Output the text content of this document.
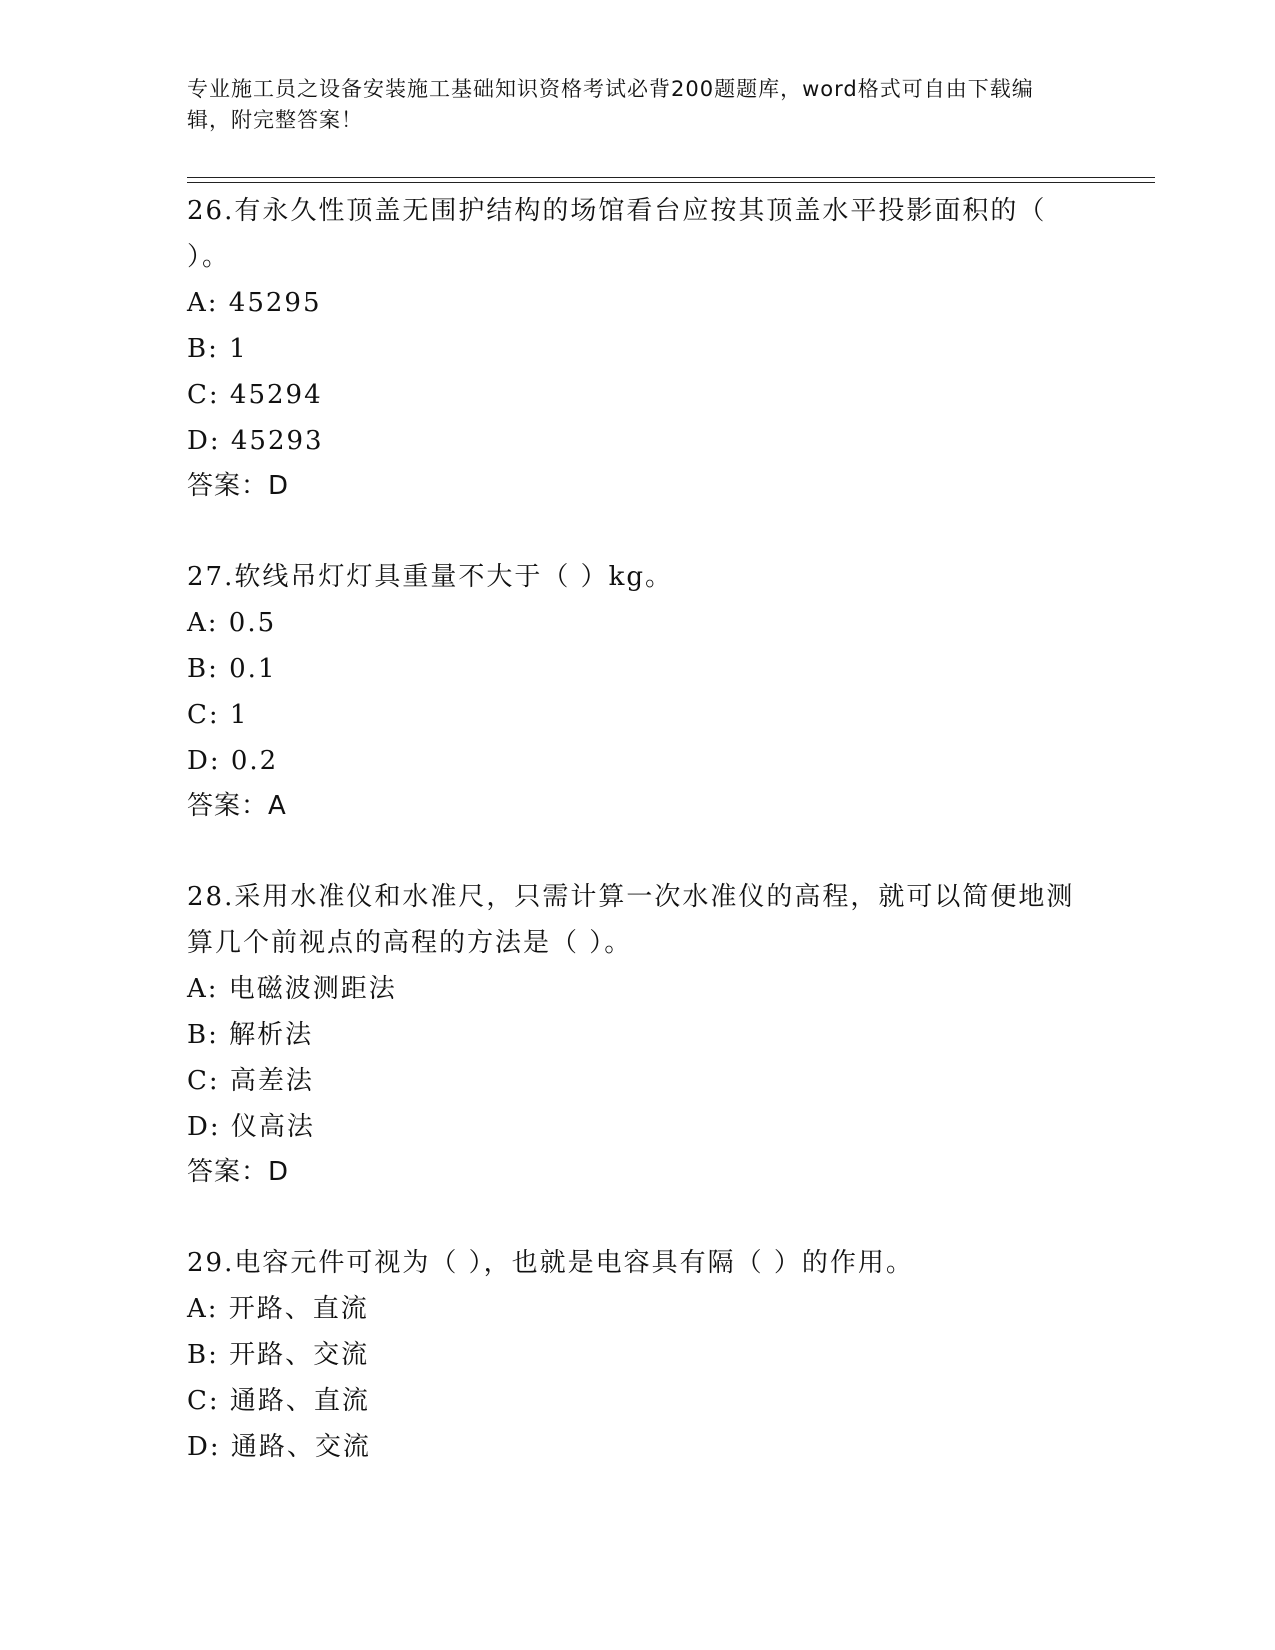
专业施工员之设备安装施工基础知识资格考试必背200题题库，word格式可自由下载编辑，附完整答案！
26.有永久性顶盖无围护结构的场馆看台应按其顶盖水平投影面积的（ ）。
A: 45295
B: 1
C: 45294
D: 45293
答案：D
27.软线吊灯灯具重量不大于（ ）kg。
A: 0.5
B: 0.1
C: 1
D: 0.2
答案：A
28.采用水准仪和水准尺，只需计算一次水准仪的高程，就可以简便地测算几个前视点的高程的方法是（ ）。
A: 电磁波测距法
B: 解析法
C: 高差法
D: 仪高法
答案：D
29.电容元件可视为（ ），也就是电容具有隔（ ）的作用。
A: 开路、直流
B: 开路、交流
C: 通路、直流
D: 通路、交流
